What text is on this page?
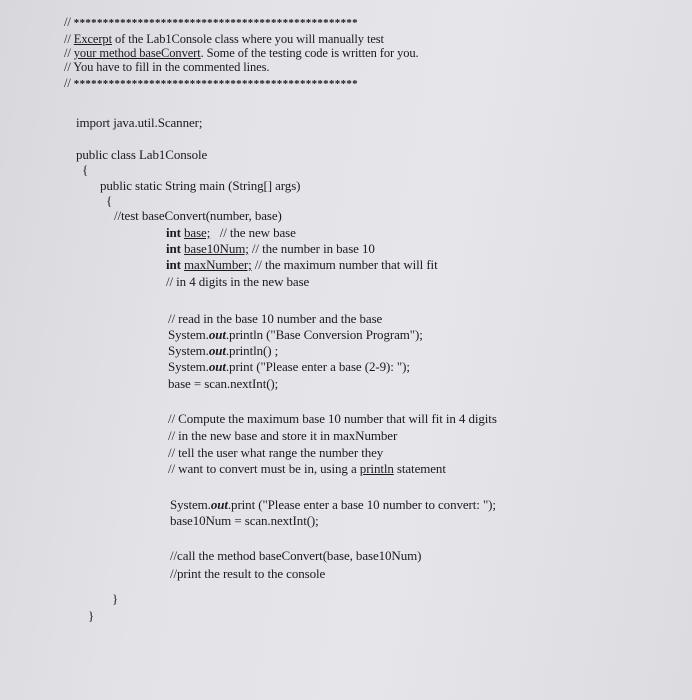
// *************************************************
// Excerpt of the Lab1Console class where you will manually test
// your method baseConvert. Some of the testing code is written for you.
// You have to fill in the commented lines.
// *************************************************
import java.util.Scanner;
public class Lab1Console
{
public static String main (String[] args)
{
//test baseConvert(number, base)
int base;   // the new base
int base10Num; // the number in base 10
int maxNumber; // the maximum number that will fit
// in 4 digits in the new base
// read in the base 10 number and the base
System.out.println ("Base Conversion Program");
System.out.println() ;
System.out.print ("Please enter a base (2-9): ");
base = scan.nextInt();
// Compute the maximum base 10 number that will fit in 4 digits
// in the new base and store it in maxNumber
// tell the user what range the number they
// want to convert must be in, using a println statement
System.out.print ("Please enter a base 10 number to convert: ");
base10Num = scan.nextInt();
//call the method baseConvert(base, base10Num)
//print the result to the console
}
}
